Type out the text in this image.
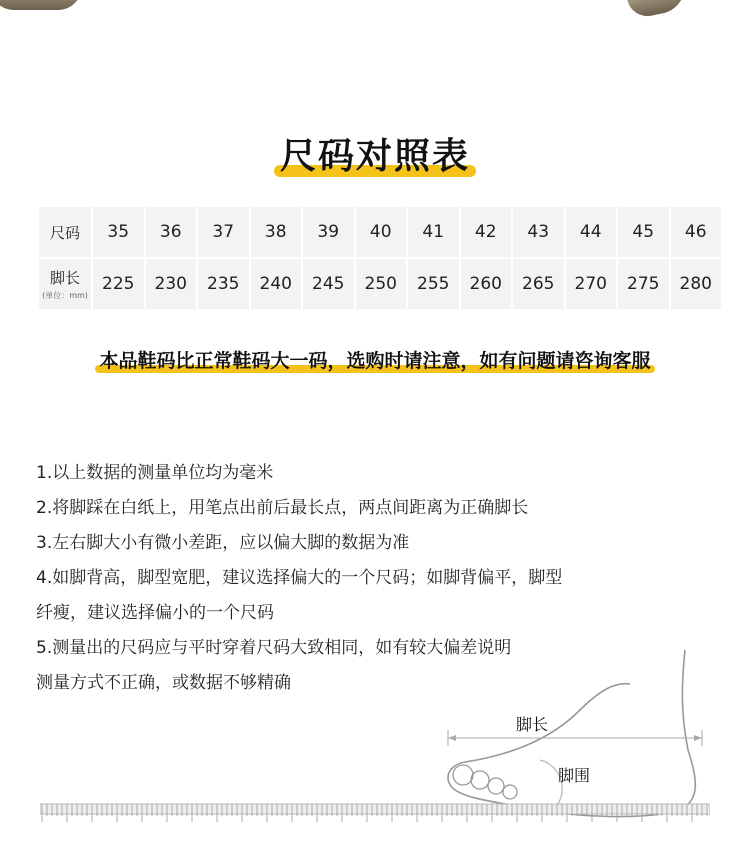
尺码对照表
尺码	35	36	37	38	39	40	41	42	43	44	45	46
脚长
(单位：mm)	225	230	235	240	245	250	255	260	265	270	275	280
本品鞋码比正常鞋码大一码，选购时请注意，如有问题请咨询客服
1.以上数据的测量单位均为毫米
2.将脚踩在白纸上，用笔点出前后最长点，两点间距离为正确脚长
3.左右脚大小有微小差距，应以偏大脚的数据为准
4.如脚背高，脚型宽肥，建议选择偏大的一个尺码；如脚背偏平，脚型
纤瘦，建议选择偏小的一个尺码
5.测量出的尺码应与平时穿着尺码大致相同，如有较大偏差说明
测量方式不正确，或数据不够精确
脚长
脚围
